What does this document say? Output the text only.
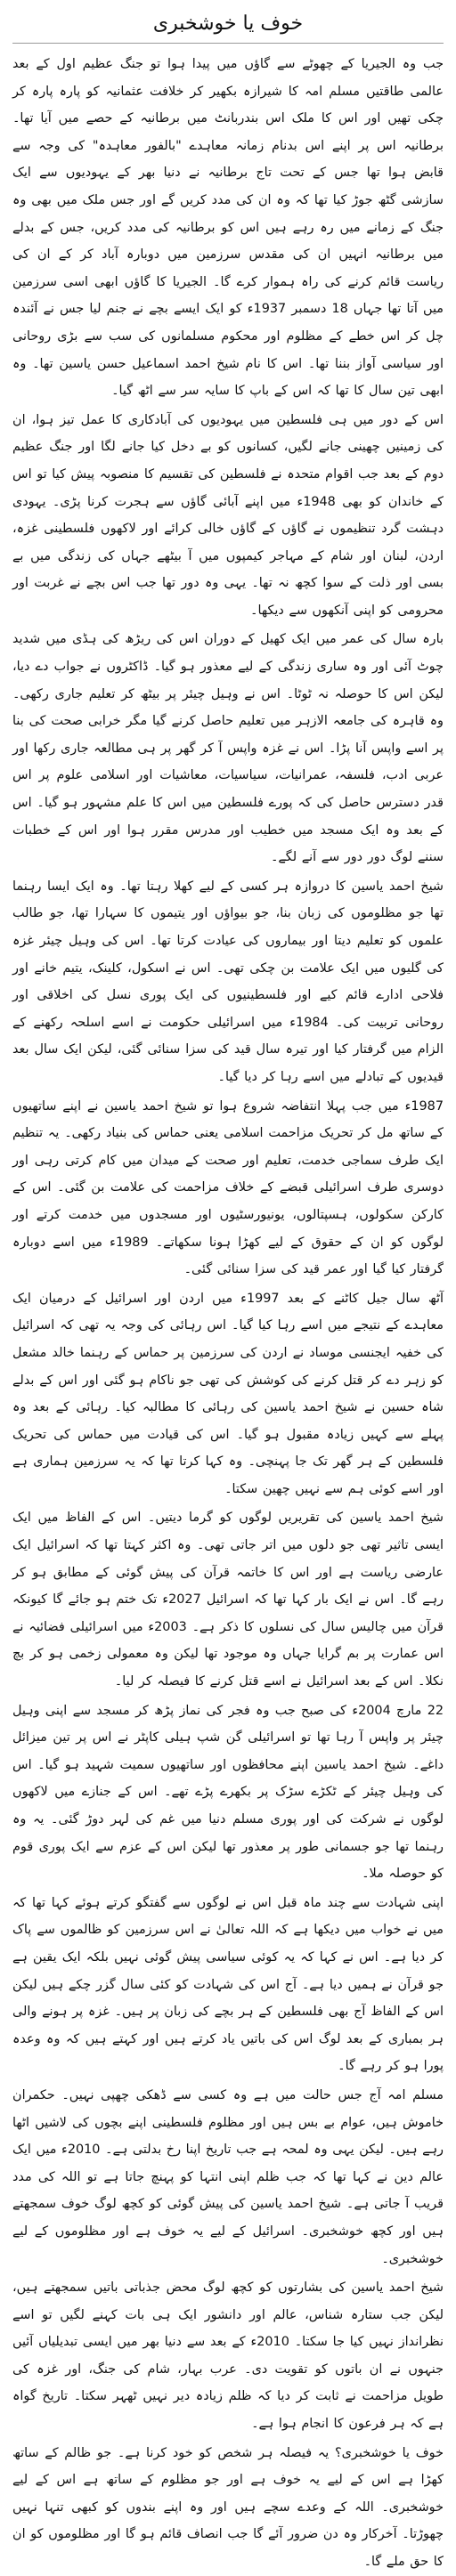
خوف یا خوشخبری

جب وہ الجیریا کے چھوٹے سے گاؤں میں پیدا ہوا تو جنگ عظیم اول کے بعد عالمی طاقتیں مسلم امہ کا شیرازہ بکھیر کر خلافت عثمانیہ کو پارہ پارہ کر چکی تھیں اور اس کا ملک اس بندربانٹ میں برطانیہ کے حصے میں آیا تھا۔ برطانیہ اس پر اپنے اس بدنام زمانہ معاہدے "بالفور معاہدہ" کی وجہ سے قابض ہوا تھا جس کے تحت تاج برطانیہ نے دنیا بھر کے یہودیوں سے ایک سازشی گٹھ جوڑ کیا تھا کہ وہ ان کی مدد کریں گے اور جس ملک میں بھی وہ جنگ کے زمانے میں رہ رہے ہیں اس کو برطانیہ کی مدد کریں، جس کے بدلے میں برطانیہ انہیں ان کی مقدس سرزمین میں دوبارہ آباد کر کے ان کی ریاست قائم کرنے کی راہ ہموار کرے گا۔ الجیریا کا گاؤں ابھی اسی سرزمین میں آتا تھا جہاں 18 دسمبر 1937ء کو ایک ایسے بچے نے جنم لیا جس نے آئندہ چل کر اس خطے کے مظلوم اور محکوم مسلمانوں کی سب سے بڑی روحانی اور سیاسی آواز بننا تھا۔ اس کا نام شیخ احمد اسماعیل حسن یاسین تھا۔ وہ ابھی تین سال کا تھا کہ اس کے باپ کا سایہ سر سے اٹھ گیا۔

اس کے دور میں ہی فلسطین میں یہودیوں کی آبادکاری کا عمل تیز ہوا، ان کی زمینیں چھینی جانے لگیں، کسانوں کو بے دخل کیا جانے لگا اور جنگ عظیم دوم کے بعد جب اقوام متحدہ نے فلسطین کی تقسیم کا منصوبہ پیش کیا تو اس کے خاندان کو بھی 1948ء میں اپنے آبائی گاؤں سے ہجرت کرنا پڑی۔ یہودی دہشت گرد تنظیموں نے گاؤں کے گاؤں خالی کرائے اور لاکھوں فلسطینی غزہ، اردن، لبنان اور شام کے مہاجر کیمپوں میں آ بیٹھے جہاں کی زندگی میں بے بسی اور ذلت کے سوا کچھ نہ تھا۔ یہی وہ دور تھا جب اس بچے نے غربت اور محرومی کو اپنی آنکھوں سے دیکھا۔

بارہ سال کی عمر میں ایک کھیل کے دوران اس کی ریڑھ کی ہڈی میں شدید چوٹ آئی اور وہ ساری زندگی کے لیے معذور ہو گیا۔ ڈاکٹروں نے جواب دے دیا، لیکن اس کا حوصلہ نہ ٹوٹا۔ اس نے وہیل چیئر پر بیٹھ کر تعلیم جاری رکھی۔ وہ قاہرہ کی جامعہ الازہر میں تعلیم حاصل کرنے گیا مگر خرابی صحت کی بنا پر اسے واپس آنا پڑا۔ اس نے غزہ واپس آ کر گھر پر ہی مطالعہ جاری رکھا اور عربی ادب، فلسفہ، عمرانیات، سیاسیات، معاشیات اور اسلامی علوم پر اس قدر دسترس حاصل کی کہ پورے فلسطین میں اس کا علم مشہور ہو گیا۔ اس کے بعد وہ ایک مسجد میں خطیب اور مدرس مقرر ہوا اور اس کے خطبات سننے لوگ دور دور سے آنے لگے۔

شیخ احمد یاسین کا دروازہ ہر کسی کے لیے کھلا رہتا تھا۔ وہ ایک ایسا رہنما تھا جو مظلوموں کی زبان بنا، جو بیواؤں اور یتیموں کا سہارا تھا، جو طالب علموں کو تعلیم دیتا اور بیماروں کی عیادت کرتا تھا۔ اس کی وہیل چیئر غزہ کی گلیوں میں ایک علامت بن چکی تھی۔ اس نے اسکول، کلینک، یتیم خانے اور فلاحی ادارے قائم کیے اور فلسطینیوں کی ایک پوری نسل کی اخلاقی اور روحانی تربیت کی۔ 1984ء میں اسرائیلی حکومت نے اسے اسلحہ رکھنے کے الزام میں گرفتار کیا اور تیرہ سال قید کی سزا سنائی گئی، لیکن ایک سال بعد قیدیوں کے تبادلے میں اسے رہا کر دیا گیا۔

1987ء میں جب پہلا انتفاضہ شروع ہوا تو شیخ احمد یاسین نے اپنے ساتھیوں کے ساتھ مل کر تحریک مزاحمت اسلامی یعنی حماس کی بنیاد رکھی۔ یہ تنظیم ایک طرف سماجی خدمت، تعلیم اور صحت کے میدان میں کام کرتی رہی اور دوسری طرف اسرائیلی قبضے کے خلاف مزاحمت کی علامت بن گئی۔ اس کے کارکن سکولوں، ہسپتالوں، یونیورسٹیوں اور مسجدوں میں خدمت کرتے اور لوگوں کو ان کے حقوق کے لیے کھڑا ہونا سکھاتے۔ 1989ء میں اسے دوبارہ گرفتار کیا گیا اور عمر قید کی سزا سنائی گئی۔

آٹھ سال جیل کاٹنے کے بعد 1997ء میں اردن اور اسرائیل کے درمیان ایک معاہدے کے نتیجے میں اسے رہا کیا گیا۔ اس رہائی کی وجہ یہ تھی کہ اسرائیل کی خفیہ ایجنسی موساد نے اردن کی سرزمین پر حماس کے رہنما خالد مشعل کو زہر دے کر قتل کرنے کی کوشش کی تھی جو ناکام ہو گئی اور اس کے بدلے شاہ حسین نے شیخ احمد یاسین کی رہائی کا مطالبہ کیا۔ رہائی کے بعد وہ پہلے سے کہیں زیادہ مقبول ہو گیا۔ اس کی قیادت میں حماس کی تحریک فلسطین کے ہر گھر تک جا پہنچی۔ وہ کہا کرتا تھا کہ یہ سرزمین ہماری ہے اور اسے کوئی ہم سے نہیں چھین سکتا۔

شیخ احمد یاسین کی تقریریں لوگوں کو گرما دیتیں۔ اس کے الفاظ میں ایک ایسی تاثیر تھی جو دلوں میں اتر جاتی تھی۔ وہ اکثر کہتا تھا کہ اسرائیل ایک عارضی ریاست ہے اور اس کا خاتمہ قرآن کی پیش گوئی کے مطابق ہو کر رہے گا۔ اس نے ایک بار کہا تھا کہ اسرائیل 2027ء تک ختم ہو جائے گا کیونکہ قرآن میں چالیس سال کی نسلوں کا ذکر ہے۔ 2003ء میں اسرائیلی فضائیہ نے اس عمارت پر بم گرایا جہاں وہ موجود تھا لیکن وہ معمولی زخمی ہو کر بچ نکلا۔ اس کے بعد اسرائیل نے اسے قتل کرنے کا فیصلہ کر لیا۔

22 مارچ 2004ء کی صبح جب وہ فجر کی نماز پڑھ کر مسجد سے اپنی وہیل چیئر پر واپس آ رہا تھا تو اسرائیلی گن شپ ہیلی کاپٹر نے اس پر تین میزائل داغے۔ شیخ احمد یاسین اپنے محافظوں اور ساتھیوں سمیت شہید ہو گیا۔ اس کی وہیل چیئر کے ٹکڑے سڑک پر بکھرے پڑے تھے۔ اس کے جنازے میں لاکھوں لوگوں نے شرکت کی اور پوری مسلم دنیا میں غم کی لہر دوڑ گئی۔ یہ وہ رہنما تھا جو جسمانی طور پر معذور تھا لیکن اس کے عزم سے ایک پوری قوم کو حوصلہ ملا۔

اپنی شہادت سے چند ماہ قبل اس نے لوگوں سے گفتگو کرتے ہوئے کہا تھا کہ میں نے خواب میں دیکھا ہے کہ اللہ تعالیٰ نے اس سرزمین کو ظالموں سے پاک کر دیا ہے۔ اس نے کہا کہ یہ کوئی سیاسی پیش گوئی نہیں بلکہ ایک یقین ہے جو قرآن نے ہمیں دیا ہے۔ آج اس کی شہادت کو کئی سال گزر چکے ہیں لیکن اس کے الفاظ آج بھی فلسطین کے ہر بچے کی زبان پر ہیں۔ غزہ پر ہونے والی ہر بمباری کے بعد لوگ اس کی باتیں یاد کرتے ہیں اور کہتے ہیں کہ وہ وعدہ پورا ہو کر رہے گا۔

مسلم امہ آج جس حالت میں ہے وہ کسی سے ڈھکی چھپی نہیں۔ حکمران خاموش ہیں، عوام بے بس ہیں اور مظلوم فلسطینی اپنے بچوں کی لاشیں اٹھا رہے ہیں۔ لیکن یہی وہ لمحہ ہے جب تاریخ اپنا رخ بدلتی ہے۔ 2010ء میں ایک عالم دین نے کہا تھا کہ جب ظلم اپنی انتہا کو پہنچ جاتا ہے تو اللہ کی مدد قریب آ جاتی ہے۔ شیخ احمد یاسین کی پیش گوئی کو کچھ لوگ خوف سمجھتے ہیں اور کچھ خوشخبری۔ اسرائیل کے لیے یہ خوف ہے اور مظلوموں کے لیے خوشخبری۔

شیخ احمد یاسین کی بشارتوں کو کچھ لوگ محض جذباتی باتیں سمجھتے ہیں، لیکن جب ستارہ شناس، عالم اور دانشور ایک ہی بات کہنے لگیں تو اسے نظرانداز نہیں کیا جا سکتا۔ 2010ء کے بعد سے دنیا بھر میں ایسی تبدیلیاں آئیں جنہوں نے ان باتوں کو تقویت دی۔ عرب بہار، شام کی جنگ، اور غزہ کی طویل مزاحمت نے ثابت کر دیا کہ ظلم زیادہ دیر نہیں ٹھہر سکتا۔ تاریخ گواہ ہے کہ ہر فرعون کا انجام ہوا ہے۔

خوف یا خوشخبری؟ یہ فیصلہ ہر شخص کو خود کرنا ہے۔ جو ظالم کے ساتھ کھڑا ہے اس کے لیے یہ خوف ہے اور جو مظلوم کے ساتھ ہے اس کے لیے خوشخبری۔ اللہ کے وعدے سچے ہیں اور وہ اپنے بندوں کو کبھی تنہا نہیں چھوڑتا۔ آخرکار وہ دن ضرور آئے گا جب انصاف قائم ہو گا اور مظلوموں کو ان کا حق ملے گا۔
